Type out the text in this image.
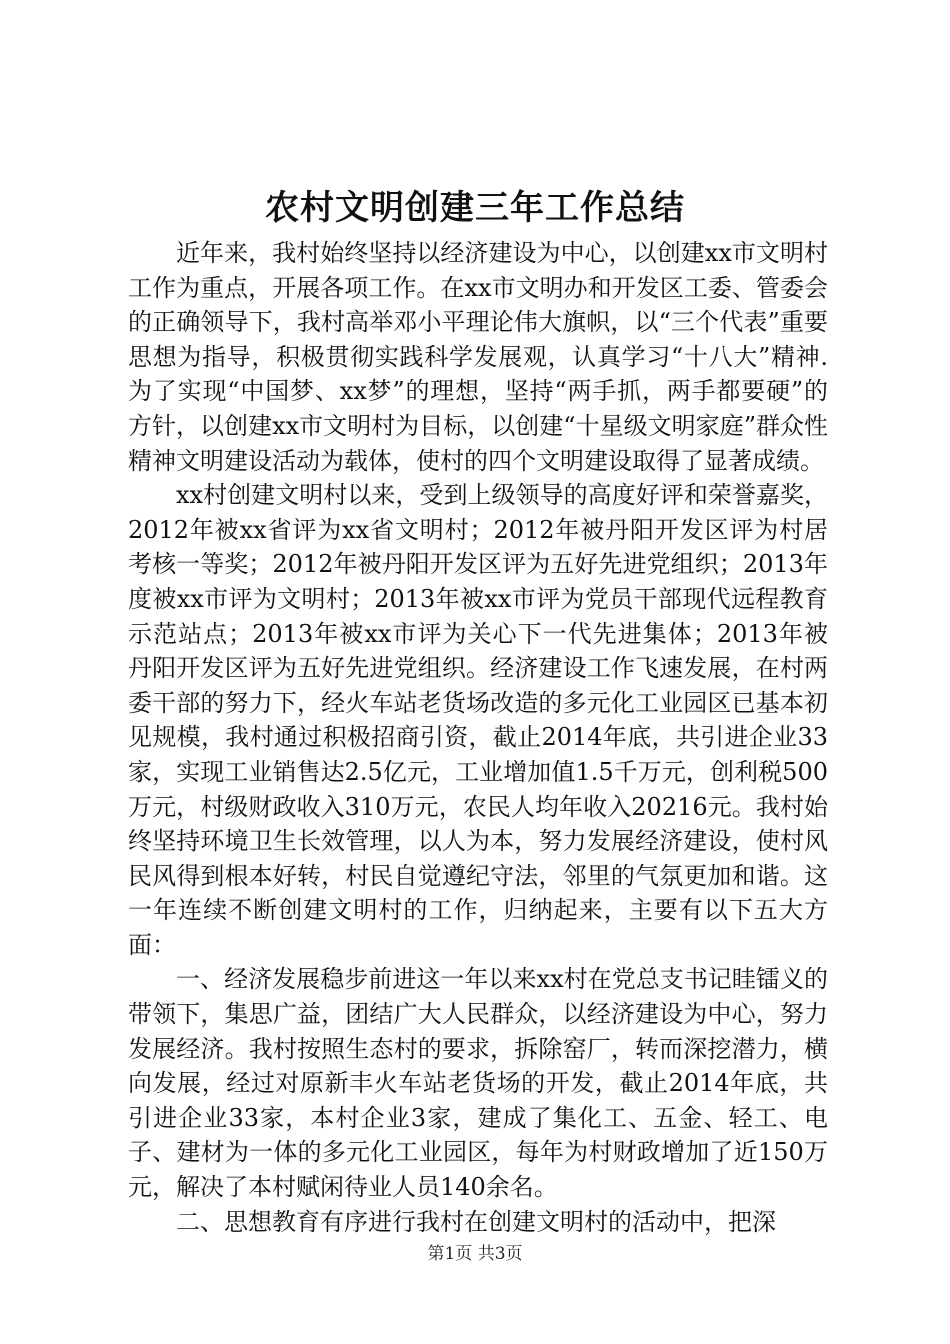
农村文明创建三年工作总结

近年来，我村始终坚持以经济建设为中心，以创建xx市文明村工作为重点，开展各项工作。在xx市文明办和开发区工委、管委会的正确领导下，我村高举邓小平理论伟大旗帜，以“三个代表”重要思想为指导，积极贯彻实践科学发展观，认真学习“十八大”精神.为了实现“中国梦、xx梦”的理想，坚持“两手抓，两手都要硬”的方针，以创建xx市文明村为目标，以创建“十星级文明家庭”群众性精神文明建设活动为载体，使村的四个文明建设取得了显著成绩。

xx村创建文明村以来，受到上级领导的高度好评和荣誉嘉奖，2012年被xx省评为xx省文明村；2012年被丹阳开发区评为村居考核一等奖；2012年被丹阳开发区评为五好先进党组织；2013年度被xx市评为文明村；2013年被xx市评为党员干部现代远程教育示范站点；2013年被xx市评为关心下一代先进集体；2013年被丹阳开发区评为五好先进党组织。经济建设工作飞速发展，在村两委干部的努力下，经火车站老货场改造的多元化工业园区已基本初见规模，我村通过积极招商引资，截止2014年底，共引进企业33家，实现工业销售达2.5亿元，工业增加值1.5千万元，创利税500万元，村级财政收入310万元，农民人均年收入20216元。我村始终坚持环境卫生长效管理，以人为本，努力发展经济建设，使村风民风得到根本好转，村民自觉遵纪守法，邻里的气氛更加和谐。这一年连续不断创建文明村的工作，归纳起来，主要有以下五大方面：

一、经济发展稳步前进这一年以来xx村在党总支书记眭镭义的带领下，集思广益，团结广大人民群众，以经济建设为中心，努力发展经济。我村按照生态村的要求，拆除窑厂，转而深挖潜力，横向发展，经过对原新丰火车站老货场的开发，截止2014年底，共引进企业33家，本村企业3家，建成了集化工、五金、轻工、电子、建材为一体的多元化工业园区，每年为村财政增加了近150万元，解决了本村赋闲待业人员140余名。

二、思想教育有序进行我村在创建文明村的活动中，把深

第1页 共3页
